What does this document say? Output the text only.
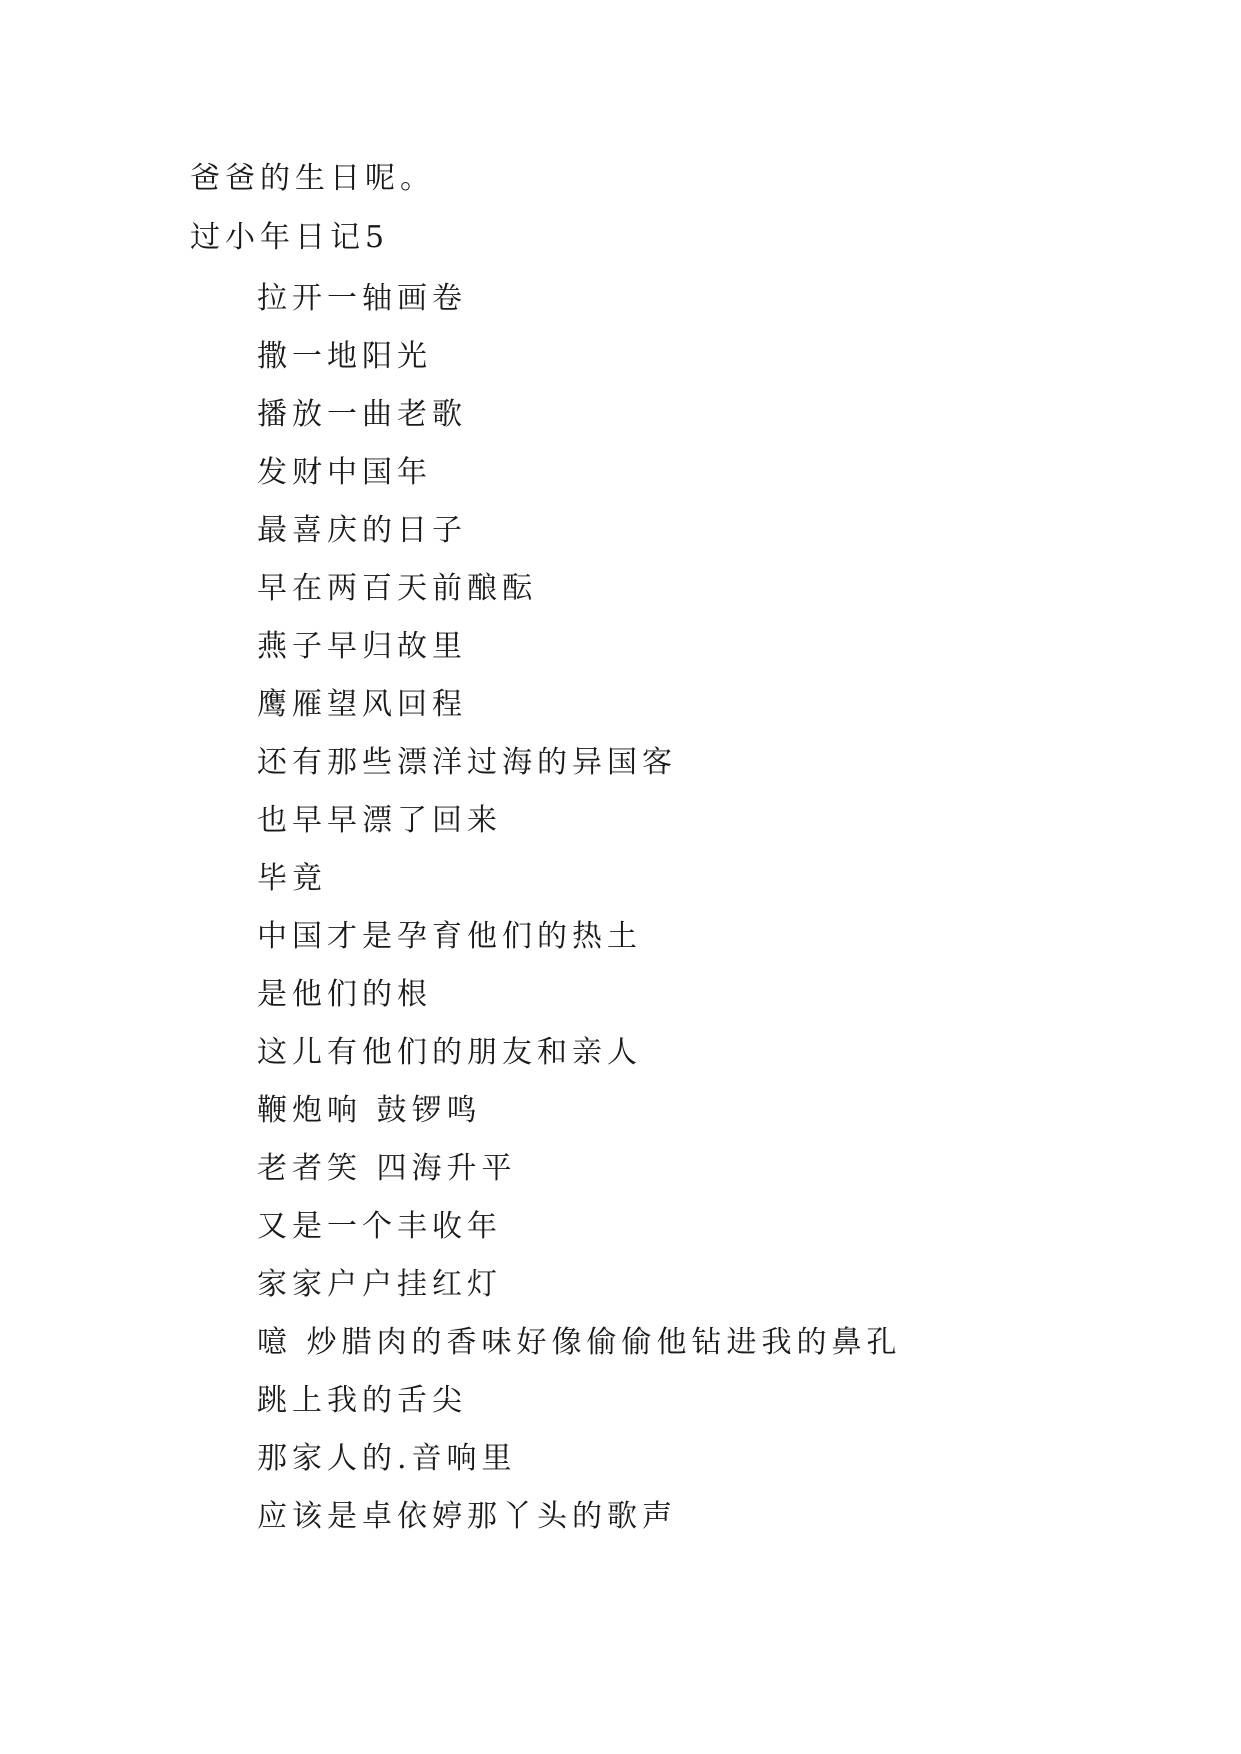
爸爸的生日呢。
过小年日记5
拉开一轴画卷
撒一地阳光
播放一曲老歌
发财中国年
最喜庆的日子
早在两百天前酿酝
燕子早归故里
鹰雁望风回程
还有那些漂洋过海的异国客
也早早漂了回来
毕竟
中国才是孕育他们的热土
是他们的根
这儿有他们的朋友和亲人
鞭炮响 鼓锣鸣
老者笑 四海升平
又是一个丰收年
家家户户挂红灯
噫 炒腊肉的香味好像偷偷他钻进我的鼻孔
跳上我的舌尖
那家人的.音响里
应该是卓依婷那丫头的歌声
